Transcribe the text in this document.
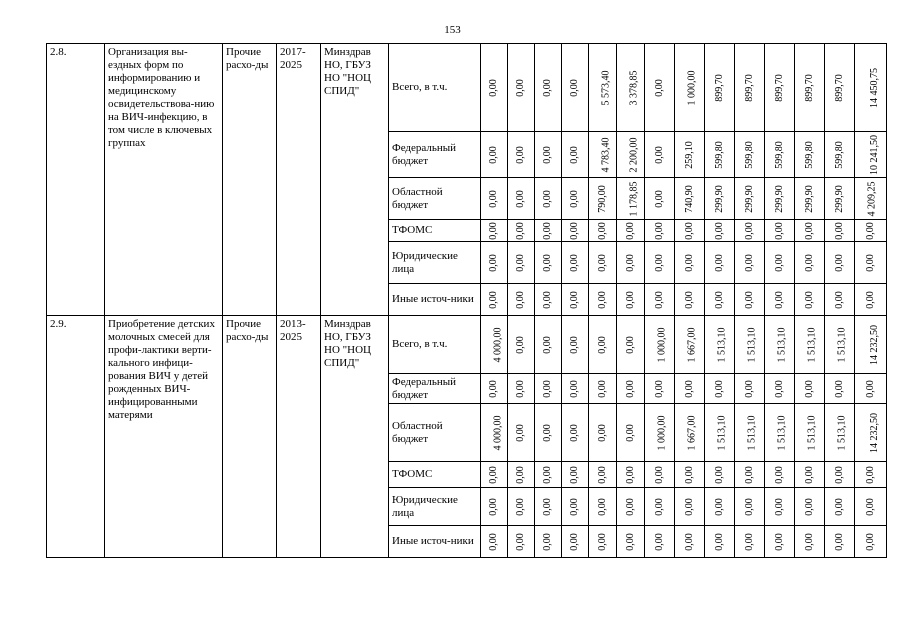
153
2.8.	Организация вы-ездных форм по информированию и медицинскому освидетельствова-нию на ВИЧ-инфекцию, в том числе в ключевых группах	Прочие расхо-ды	2017-2025	Минздрав НО, ГБУЗ НО "НОЦ СПИД"	Всего, в т.ч.	0,00	0,00	0,00	0,00	5 573,40	3 378,85	0,00	1 000,00	899,70	899,70	899,70	899,70	899,70	14 450,75
					Федеральный бюджет	0,00	0,00	0,00	0,00	4 783,40	2 200,00	0,00	259,10	599,80	599,80	599,80	599,80	599,80	10 241,50
					Областной бюджет	0,00	0,00	0,00	0,00	790,00	1 178,85	0,00	740,90	299,90	299,90	299,90	299,90	299,90	4 209,25
					ТФОМС	0,00	0,00	0,00	0,00	0,00	0,00	0,00	0,00	0,00	0,00	0,00	0,00	0,00	0,00
					Юридические лица	0,00	0,00	0,00	0,00	0,00	0,00	0,00	0,00	0,00	0,00	0,00	0,00	0,00	0,00
					Иные источ-ники	0,00	0,00	0,00	0,00	0,00	0,00	0,00	0,00	0,00	0,00	0,00	0,00	0,00	0,00
2.9.	Приобретение детских молочных смесей для профи-лактики верти-кального инфици-рования ВИЧ у детей рожденных ВИЧ-инфицированными матерями	Прочие расхо-ды	2013-2025	Минздрав НО, ГБУЗ НО "НОЦ СПИД"	Всего, в т.ч.	4 000,00	0,00	0,00	0,00	0,00	0,00	1 000,00	1 667,00	1 513,10	1 513,10	1 513,10	1 513,10	1 513,10	14 232,50
					Федеральный бюджет	0,00	0,00	0,00	0,00	0,00	0,00	0,00	0,00	0,00	0,00	0,00	0,00	0,00	0,00
					Областной бюджет	4 000,00	0,00	0,00	0,00	0,00	0,00	1 000,00	1 667,00	1 513,10	1 513,10	1 513,10	1 513,10	1 513,10	14 232,50
					ТФОМС	0,00	0,00	0,00	0,00	0,00	0,00	0,00	0,00	0,00	0,00	0,00	0,00	0,00	0,00
					Юридические лица	0,00	0,00	0,00	0,00	0,00	0,00	0,00	0,00	0,00	0,00	0,00	0,00	0,00	0,00
					Иные источ-ники	0,00	0,00	0,00	0,00	0,00	0,00	0,00	0,00	0,00	0,00	0,00	0,00	0,00	0,00
